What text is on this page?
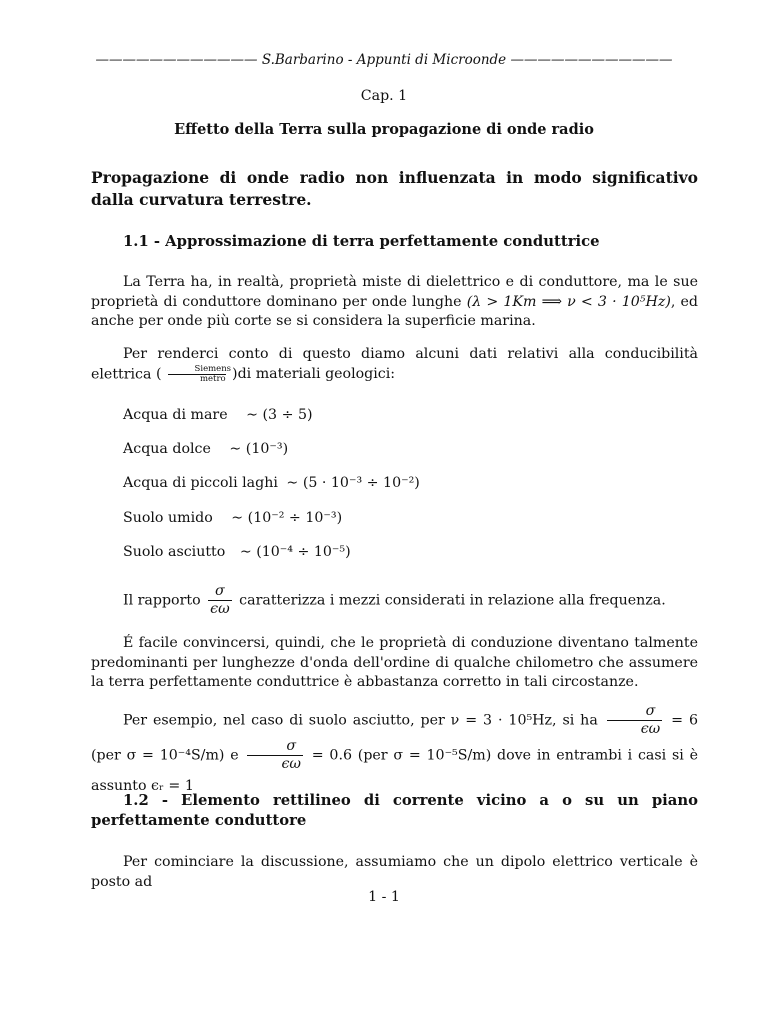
———————————— S.Barbarino - Appunti di Microonde ————————————
Cap. 1
Effetto della Terra sulla propagazione di onde radio
Propagazione di onde radio non influenzata in modo significativo dalla curvatura terrestre.
1.1 - Approssimazione di terra perfettamente conduttrice
La Terra ha, in realtà, proprietà miste di dielettrico e di conduttore, ma le sue proprietà di conduttore dominano per onde lunghe (λ > 1Km ⟹ ν < 3 · 10⁵Hz), ed anche per onde più corte se si considera la superficie marina.
Per renderci conto di questo diamo alcuni dati relativi alla conducibilità elettrica ( $\frac{\text{Siemens}}{\text{metro}} )di$ materiali geologici:
Acqua di mare ∼ (3 ÷ 5)
Acqua dolce ∼ (10⁻³)
Acqua di piccoli laghi ∼ (5 · 10⁻³ ÷ 10⁻²)
Suolo umido ∼ (10⁻² ÷ 10⁻³)
Suolo asciutto ∼ (10⁻⁴ ÷ 10⁻⁵)
Il rapporto $\frac{\sigma}{\epsilon\omega}$ caratterizza i mezzi considerati in relazione alla frequenza.
É facile convincersi, quindi, che le proprietà di conduzione diventano talmente predominanti per lunghezze d'onda dell'ordine di qualche chilometro che assumere la terra perfettamente conduttrice è abbastanza corretto in tali circostanze.
Per esempio, nel caso di suolo asciutto, per ν = 3 · 10⁵Hz, si ha $\frac{\sigma}{\epsilon\omega} = 6$ (per σ = 10⁻⁴S/m) e $\frac{\sigma}{\epsilon\omega} = 0.6$ (per σ = 10⁻⁵S/m) dove in entrambi i casi si è assunto ϵᵣ = 1
1.2 - Elemento rettilineo di corrente vicino a o su un piano perfettamente conduttore
Per cominciare la discussione, assumiamo che un dipolo elettrico verticale è posto ad
1 - 1
